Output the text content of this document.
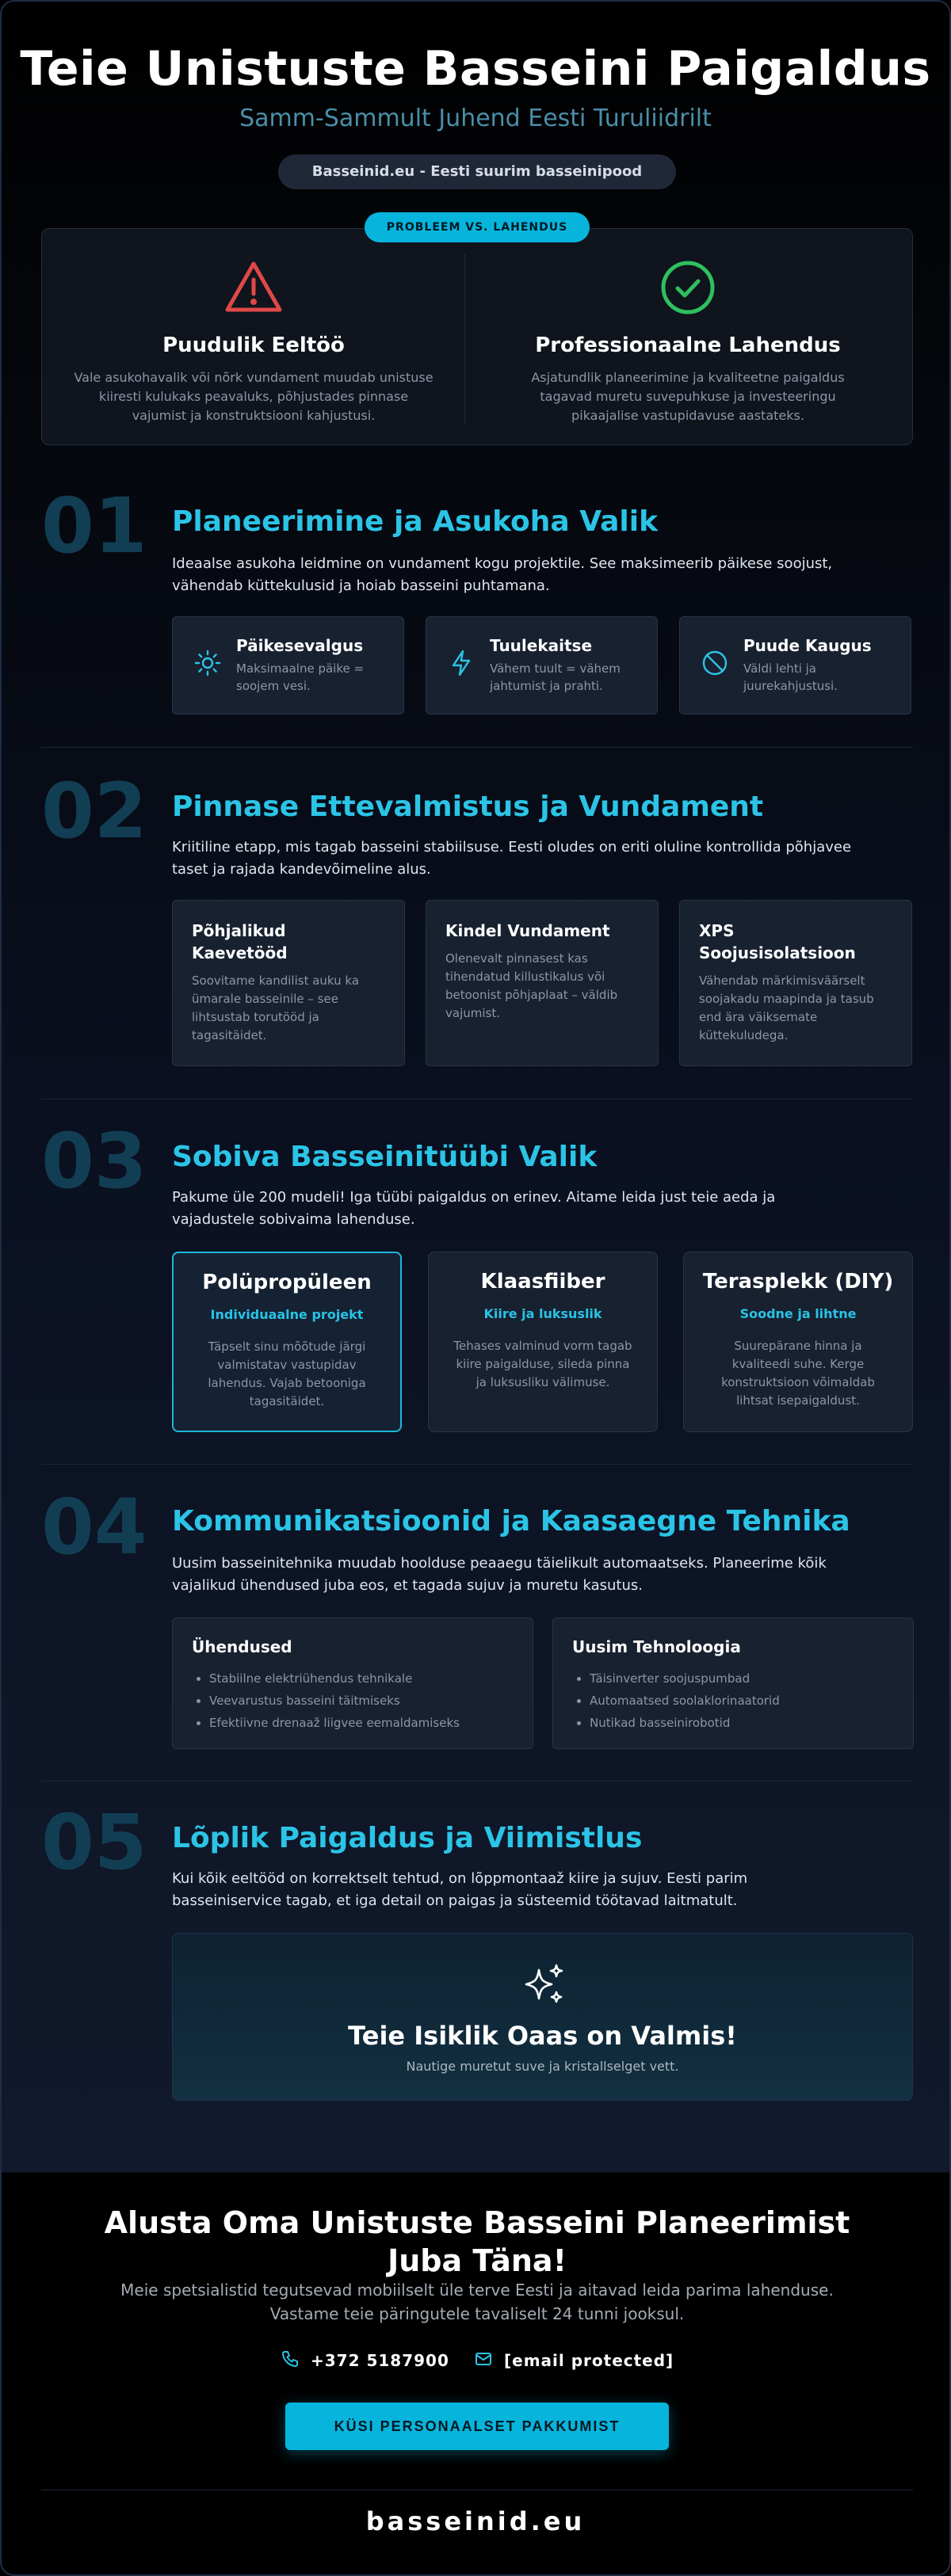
Teie Unistuste Basseini Paigaldus
Samm-Sammult Juhend Eesti Turuliidrilt
Basseinid.eu - Eesti suurim basseinipood
PROBLEEM VS. LAHENDUS
Puudulik Eeltöö

Vale asukohavalik või nõrk vundament muudab unistuse kiiresti kulukaks peavaluks, põhjustades pinnase vajumist ja konstruktsiooni kahjustusi.

Professionaalne Lahendus

Asjatundlik planeerimine ja kvaliteetne paigaldus tagavad muretu suvepuhkuse ja investeeringu pikaajalise vastupidavuse aastateks.

01 Planeerimine ja Asukoha Valik

Ideaalse asukoha leidmine on vundament kogu projektile. See maksimeerib päikese soojust, vähendab küttekulusid ja hoiab basseini puhtamana.

Päikesevalgus

Maksimaalne päike = soojem vesi.

Tuulekaitse

Vähem tuult = vähem jahtumist ja prahti.

Puude Kaugus

Väldi lehti ja juurekahjustusi.

02 Pinnase Ettevalmistus ja Vundament

Kriitiline etapp, mis tagab basseini stabiilsuse. Eesti oludes on eriti oluline kontrollida põhjavee taset ja rajada kandevõimeline alus.

Põhjalikud Kaevetööd

Soovitame kandilist auku ka ümarale basseinile – see lihtsustab torutööd ja tagasitäidet.

Kindel Vundament

Olenevalt pinnasest kas tihendatud killustikalus või betoonist põhjaplaat – väldib vajumist.

XPS Soojusisolatsioon

Vähendab märkimisväärselt soojakadu maapinda ja tasub end ära väiksemate küttekuludega.

03 Sobiva Basseinitüübi Valik

Pakume üle 200 mudeli! Iga tüübi paigaldus on erinev. Aitame leida just teie aeda ja vajadustele sobivaima lahenduse.

Polüpropüleen
Individuaalne projekt

Täpselt sinu mõõtude järgi valmistatav vastupidav lahendus. Vajab betooniga tagasitäidet.

Klaasfiiber
Kiire ja luksuslik

Tehases valminud vorm tagab kiire paigalduse, sileda pinna ja luksusliku välimuse.

Terasplekk (DIY)
Soodne ja lihtne

Suurepärane hinna ja kvaliteedi suhe. Kerge konstruktsioon võimaldab lihtsat isepaigaldust.

04 Kommunikatsioonid ja Kaasaegne Tehnika

Uusim basseinitehnika muudab hoolduse peaaegu täielikult automaatseks. Planeerime kõik vajalikud ühendused juba eos, et tagada sujuv ja muretu kasutus.

Ühendused
• Stabiilne elektriühendus tehnikale
• Veevarustus basseini täitmiseks
• Efektiivne drenaaž liigvee eemaldamiseks
Uusim Tehnoloogia
• Täisinverter soojuspumbad
• Automaatsed soolaklorinaatorid
• Nutikad basseinirobotid
05 Lõplik Paigaldus ja Viimistlus

Kui kõik eeltööd on korrektselt tehtud, on lõppmontaaž kiire ja sujuv. Eesti parim basseiniservice tagab, et iga detail on paigas ja süsteemid töötavad laitmatult.

Teie Isiklik Oaas on Valmis!

Nautige muretut suve ja kristallselget vett.

Alusta Oma Unistuste Basseini Planeerimist Juba Täna!
Meie spetsialistid tegutsevad mobiilselt üle terve Eesti ja aitavad leida parima lahenduse. Vastame teie päringutele tavaliselt 24 tunni jooksul.
+372 5187900	[email protected]
KÜSI PERSONAALSET PAKKUMIST
basseinid.eu
